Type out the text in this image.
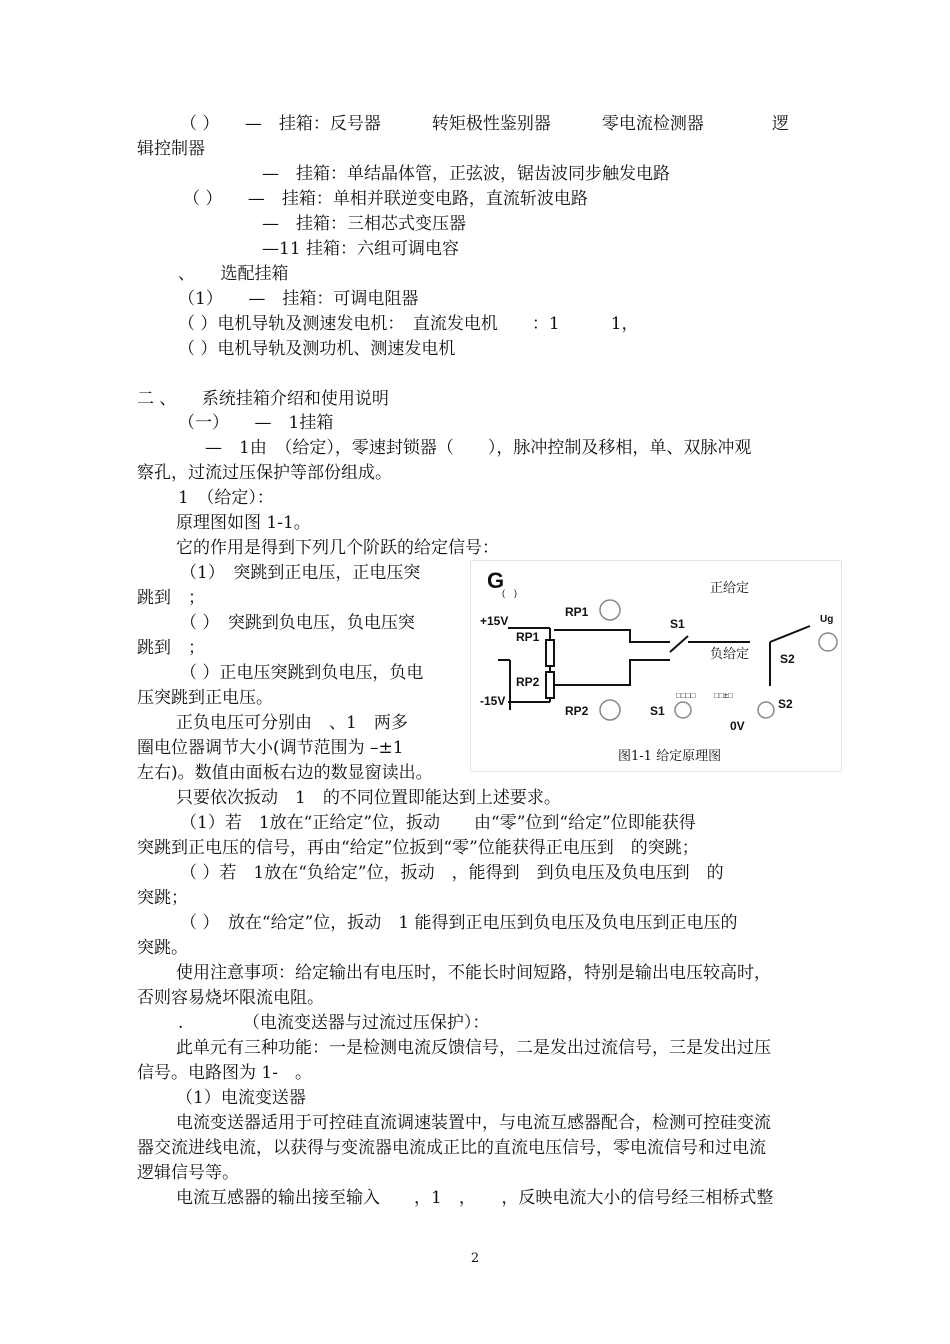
（ ）　　—　挂箱：反号器　　　转矩极性鉴别器　　　零电流检测器　　　　逻
辑控制器
—　挂箱：单结晶体管，正弦波，锯齿波同步触发电路
（ ）　　—　挂箱：单相并联逆变电路，直流斩波电路
—　挂箱：三相芯式变压器
—11 挂箱：六组可调电容
、　　选配挂箱
（1）　　—　挂箱：可调电阻器
（ ）电机导轨及测速发电机：　直流发电机　　：1　　　1，
（ ）电机导轨及测功机、测速发电机
二 、　　系统挂箱介绍和使用说明
（一）　　—　1挂箱
—　1由　（给定），零速封锁器（　　），脉冲控制及移相，单、双脉冲观
察孔，过流过压保护等部份组成。
1　（给定）：
原理图如图 1-1。
它的作用是得到下列几个阶跃的给定信号：
（1）　突跳到正电压，正电压突
跳到　；
（ ）　突跳到负电压，负电压突
跳到　；
（ ）正电压突跳到负电压，负电
压突跳到正电压。
正负电压可分别由　、1　两多
圈电位器调节大小(调节范围为 –±1
左右)。数值由面板右边的数显窗读出。
只要依次扳动　1　的不同位置即能达到上述要求。
（1）若　1放在“正给定”位，扳动　　由“零”位到“给定”位即能获得
突跳到正电压的信号，再由“给定”位扳到“零”位能获得正电压到　的突跳；
（ ）若　1放在“负给定”位，扳动　，能得到　到负电压及负电压到　的
突跳；
（ ）　放在“给定”位，扳动　1 能得到正电压到负电压及负电压到正电压的
突跳。
使用注意事项：给定输出有电压时，不能长时间短路，特别是输出电压较高时，
否则容易烧坏限流电阻。
.　　　　（电流变送器与过流过压保护）：
此单元有三种功能：一是检测电流反馈信号，二是发出过流信号，三是发出过压
信号。电路图为 1-　。
（1）电流变送器
电流变送器适用于可控硅直流调速装置中，与电流互感器配合，检测可控硅变流
器交流进线电流，以获得与变流器电流成正比的直流电压信号，零电流信号和过电流
逻辑信号等。
电流互感器的输出接至输入　　，1　，　　，反映电流大小的信号经三相桥式整
G
(　)	正给定
负给定
RP1
RP1
RP2
RP2
+15V
-15V
S1
S1
S2
S2
Ug
0V
□□□□ □□±□
图1-1 给定原理图
2
